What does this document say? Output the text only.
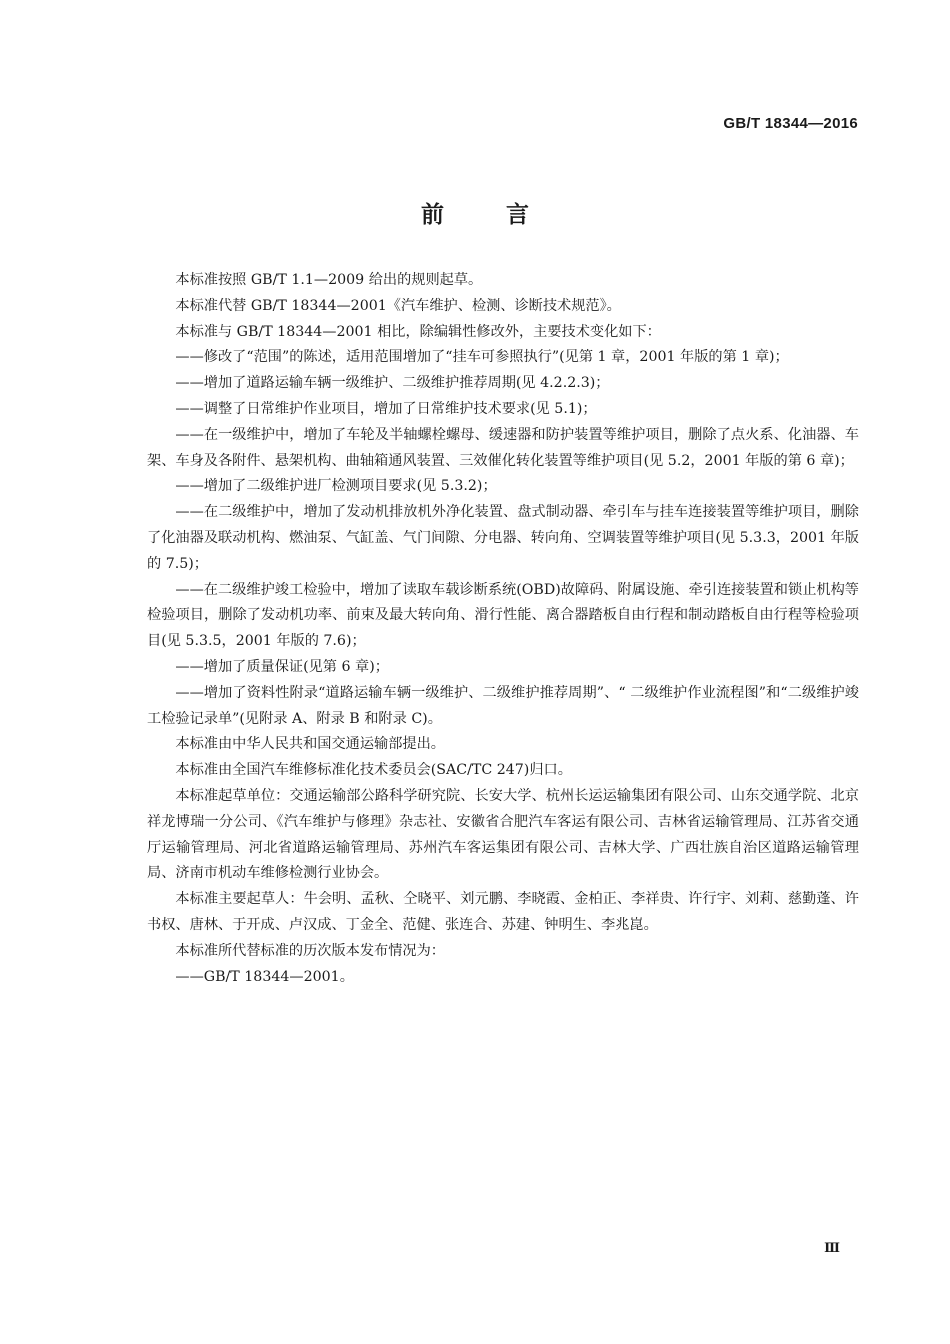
GB/T 18344—2016
前言

本标准按照 GB/T 1.1—2009 给出的规则起草。

本标准代替 GB/T 18344—2001《汽车维护、检测、诊断技术规范》。

本标准与 GB/T 18344—2001 相比，除编辑性修改外，主要技术变化如下：

——修改了“范围”的陈述，适用范围增加了“挂车可参照执行”(见第 1 章，2001 年版的第 1 章)；

——增加了道路运输车辆一级维护、二级维护推荐周期(见 4.2.2.3)；

——调整了日常维护作业项目，增加了日常维护技术要求(见 5.1)；

——在一级维护中，增加了车轮及半轴螺栓螺母、缓速器和防护装置等维护项目，删除了点火系、化油器、车架、车身及各附件、悬架机构、曲轴箱通风装置、三效催化转化装置等维护项目(见 5.2，2001 年版的第 6 章)；

——增加了二级维护进厂检测项目要求(见 5.3.2)；

——在二级维护中，增加了发动机排放机外净化装置、盘式制动器、牵引车与挂车连接装置等维护项目，删除了化油器及联动机构、燃油泵、气缸盖、气门间隙、分电器、转向角、空调装置等维护项目(见 5.3.3，2001 年版的 7.5)；

——在二级维护竣工检验中，增加了读取车载诊断系统(OBD)故障码、附属设施、牵引连接装置和锁止机构等检验项目，删除了发动机功率、前束及最大转向角、滑行性能、离合器踏板自由行程和制动踏板自由行程等检验项目(见 5.3.5，2001 年版的 7.6)；

——增加了质量保证(见第 6 章)；

——增加了资料性附录“道路运输车辆一级维护、二级维护推荐周期”、“ 二级维护作业流程图”和“二级维护竣工检验记录单”(见附录 A、附录 B 和附录 C)。

本标准由中华人民共和国交通运输部提出。

本标准由全国汽车维修标准化技术委员会(SAC/TC 247)归口。

本标准起草单位：交通运输部公路科学研究院、长安大学、杭州长运运输集团有限公司、山东交通学院、北京祥龙博瑞一分公司、《汽车维护与修理》杂志社、安徽省合肥汽车客运有限公司、吉林省运输管理局、江苏省交通厅运输管理局、河北省道路运输管理局、苏州汽车客运集团有限公司、吉林大学、广西壮族自治区道路运输管理局、济南市机动车维修检测行业协会。

本标准主要起草人：牛会明、孟秋、仝晓平、刘元鹏、李晓霞、金柏正、李祥贵、许行宇、刘莉、慈勤蓬、许书权、唐林、于开成、卢汉成、丁金全、范健、张连合、苏建、钟明生、李兆崑。

本标准所代替标准的历次版本发布情况为：

——GB/T 18344—2001。

Ⅲ
